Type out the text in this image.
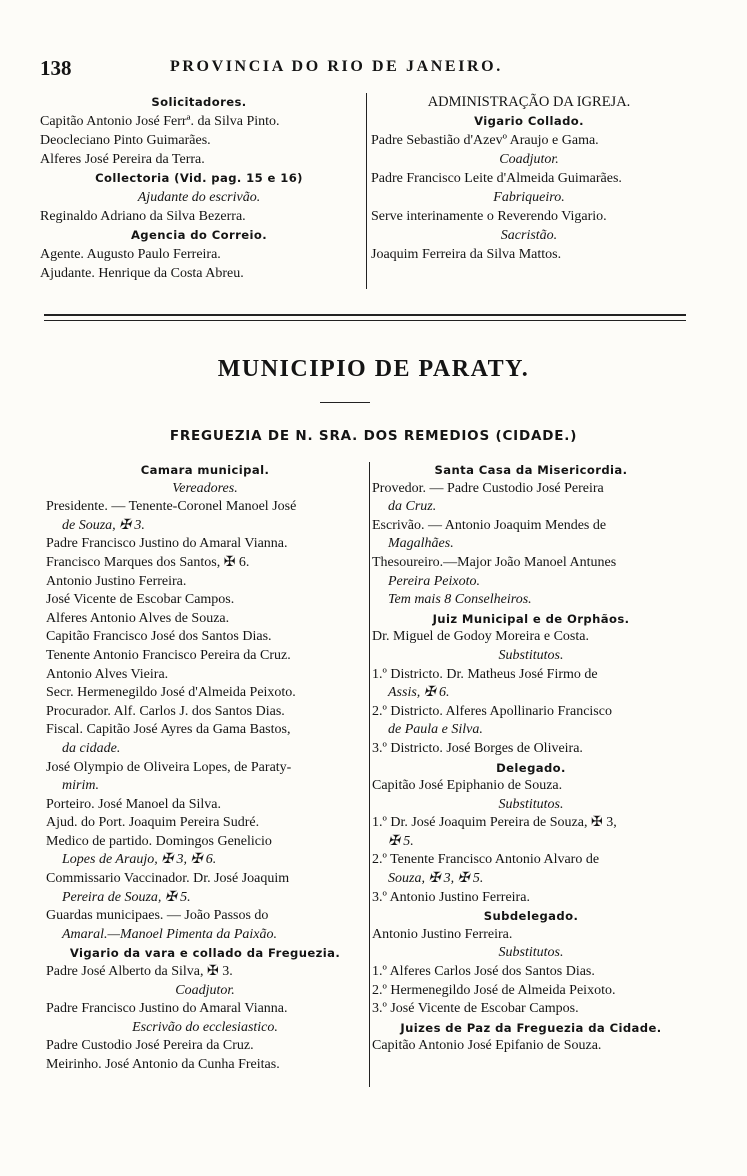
138	PROVINCIA DO RIO DE JANEIRO.
Solicitadores.
Capitão Antonio José Ferrª. da Silva Pinto.
Deocleciano Pinto Guimarães.
Alferes José Pereira da Terra.
Collectoria (Vid. pag. 15 e 16)
Ajudante do escrivão.
Reginaldo Adriano da Silva Bezerra.
Agencia do Correio.
Agente. Augusto Paulo Ferreira.
Ajudante. Henrique da Costa Abreu.
ADMINISTRAÇÃO DA IGREJA.
Vigario Collado.
Padre Sebastião d'Azevº Araujo e Gama.
Coadjutor.
Padre Francisco Leite d'Almeida Guimarães.
Fabriqueiro.
Serve interinamente o Reverendo Vigario.
Sacristão.
Joaquim Ferreira da Silva Mattos.
MUNICIPIO DE PARATY.
FREGUEZIA DE N. SRA. DOS REMEDIOS (CIDADE.)
Camara municipal.
Vereadores.
Presidente. — Tenente-Coronel Manoel José
de Souza, ✠ 3.
Padre Francisco Justino do Amaral Vianna.
Francisco Marques dos Santos, ✠ 6.
Antonio Justino Ferreira.
José Vicente de Escobar Campos.
Alferes Antonio Alves de Souza.
Capitão Francisco José dos Santos Dias.
Tenente Antonio Francisco Pereira da Cruz.
Antonio Alves Vieira.
Secr. Hermenegildo José d'Almeida Peixoto.
Procurador. Alf. Carlos J. dos Santos Dias.
Fiscal. Capitão José Ayres da Gama Bastos,
da cidade.
José Olympio de Oliveira Lopes, de Paraty-
mirim.
Porteiro. José Manoel da Silva.
Ajud. do Port. Joaquim Pereira Sudré.
Medico de partido. Domingos Genelicio
Lopes de Araujo, ✠ 3, ✠ 6.
Commissario Vaccinador. Dr. José Joaquim
Pereira de Souza, ✠ 5.
Guardas municipaes. — João Passos do
Amaral.—Manoel Pimenta da Paixão.
Vigario da vara e collado da Freguezia.
Padre José Alberto da Silva, ✠ 3.
Coadjutor.
Padre Francisco Justino do Amaral Vianna.
Escrivão do ecclesiastico.
Padre Custodio José Pereira da Cruz.
Meirinho. José Antonio da Cunha Freitas.
Santa Casa da Misericordia.
Provedor. — Padre Custodio José Pereira
da Cruz.
Escrivão. — Antonio Joaquim Mendes de
Magalhães.
Thesoureiro.—Major João Manoel Antunes
Pereira Peixoto.
Tem mais 8 Conselheiros.
Juiz Municipal e de Orphãos.
Dr. Miguel de Godoy Moreira e Costa.
Substitutos.
1.º Districto. Dr. Matheus José Firmo de
Assis, ✠ 6.
2.º Districto. Alferes Apollinario Francisco
de Paula e Silva.
3.º Districto. José Borges de Oliveira.
Delegado.
Capitão José Epiphanio de Souza.
Substitutos.
1.º Dr. José Joaquim Pereira de Souza, ✠ 3,
✠ 5.
2.º Tenente Francisco Antonio Alvaro de
Souza, ✠ 3, ✠ 5.
3.º Antonio Justino Ferreira.
Subdelegado.
Antonio Justino Ferreira.
Substitutos.
1.º Alferes Carlos José dos Santos Dias.
2.º Hermenegildo José de Almeida Peixoto.
3.º José Vicente de Escobar Campos.
Juizes de Paz da Freguezia da Cidade.
Capitão Antonio José Epifanio de Souza.
